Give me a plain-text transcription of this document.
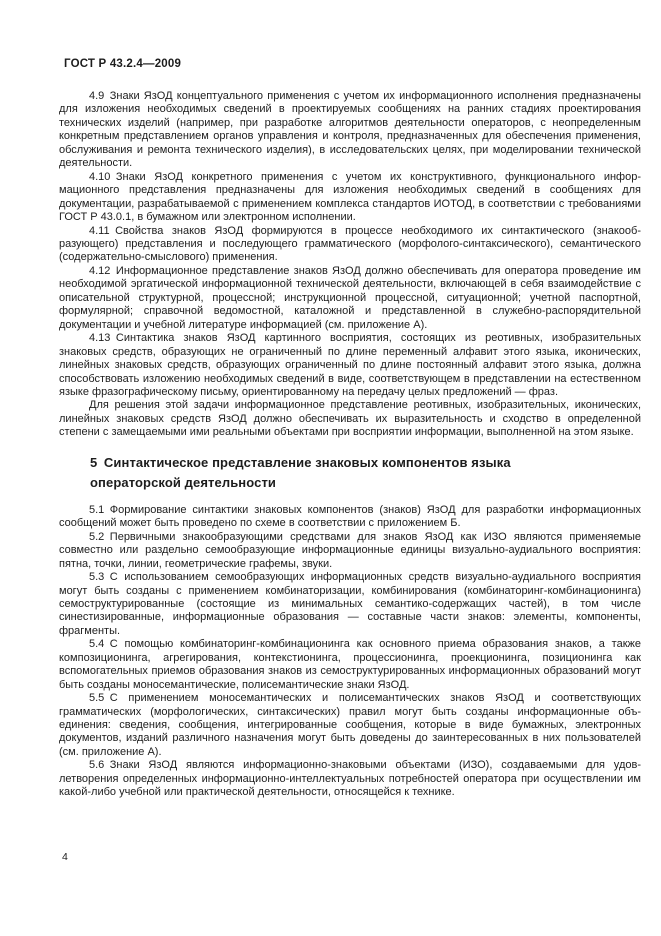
ГОСТ Р 43.2.4—2009

4.9 Знаки ЯзОД концептуального применения с учетом их информационного исполнения предназначены для изложения необходимых сведений в проектируемых сообщениях на ранних стадиях проектирования технических изделий (например, при разработке алгоритмов деятельности операторов, с неопределенным конкретным представлением органов управления и контроля, предназначенных для обеспечения применения, обслуживания и ремонта технического изделия), в исследовательских целях, при моделировании технической деятельности.

4.10 Знаки ЯзОД конкретного применения с учетом их конструктивного, функционального информационного представления предназначены для изложения необходимых сведений в сообщениях для документации, разрабатываемой с применением комплекса стандартов ИОТОД, в соответствии с требованиями ГОСТ Р 43.0.1, в бумажном или электронном исполнении.

4.11 Свойства знаков ЯзОД формируются в процессе необходимого их синтактического (знакообразующего) представления и последующего грамматического (морфолого-синтаксического), семантического (содержательно-смыслового) применения.

4.12 Информационное представление знаков ЯзОД должно обеспечивать для оператора проведение им необходимой эргатической информационной технической деятельности, включающей в себя взаимодействие с описательной структурной, процессной; инструкционной процессной, ситуационной; учетной паспортной, формулярной; справочной ведомостной, каталожной и представленной в служебно-распорядительной документации и учебной литературе информацией (см. приложение А).

4.13 Синтактика знаков ЯзОД картинного восприятия, состоящих из реотивных, изобразительных знаковых средств, образующих не ограниченный по длине переменный алфавит этого языка, иконических, линейных знаковых средств, образующих ограниченный по длине постоянный алфавит этого языка, должна способствовать изложению необходимых сведений в виде, соответствующем в представлении на естественном языке фразографическому письму, ориентированному на передачу целых предложений — фраз.

Для решения этой задачи информационное представление реотивных, изобразительных, иконических, линейных знаковых средств ЯзОД должно обеспечивать их выразительность и сходство в определенной степени с замещаемыми ими реальными объектами при восприятии информации, выполненной на этом языке.

5 Синтактическое представление знаковых компонентов языка
операторской деятельности

5.1 Формирование синтактики знаковых компонентов (знаков) ЯзОД для разработки информационных сообщений может быть проведено по схеме в соответствии с приложением Б.

5.2 Первичными знакообразующими средствами для знаков ЯзОД как ИЗО являются применяемые совместно или раздельно семообразующие информационные единицы визуально-аудиального восприятия: пятна, точки, линии, геометрические графемы, звуки.

5.3 С использованием семообразующих информационных средств визуально-аудиального восприятия могут быть созданы с применением комбинаторизации, комбинирования (комбинаторинг-комбинационинга) семоструктурированные (состоящие из минимальных семантико-содержащих частей), в том числе синестизированные, информационные образования — составные части знаков: элементы, компоненты, фрагменты.

5.4 С помощью комбинаторинг-комбинационинга как основного приема образования знаков, а также композиционинга, агрегирования, контекстионинга, процессионинга, проекционинга, позиционинга как вспомогательных приемов образования знаков из семоструктурированных информационных образований могут быть созданы моносемантические, полисемантические знаки ЯзОД.

5.5 С применением моносемантических и полисемантических знаков ЯзОД и соответствующих грамматических (морфологических, синтаксических) правил могут быть созданы информационные объединения: сведения, сообщения, интегрированные сообщения, которые в виде бумажных, электронных документов, изданий различного назначения могут быть доведены до заинтересованных в них пользователей (см. приложение А).

5.6 Знаки ЯзОД являются информационно-знаковыми объектами (ИЗО), создаваемыми для удовлетворения определенных информационно-интеллектуальных потребностей оператора при осуществлении им какой-либо учебной или практической деятельности, относящейся к технике.

4
